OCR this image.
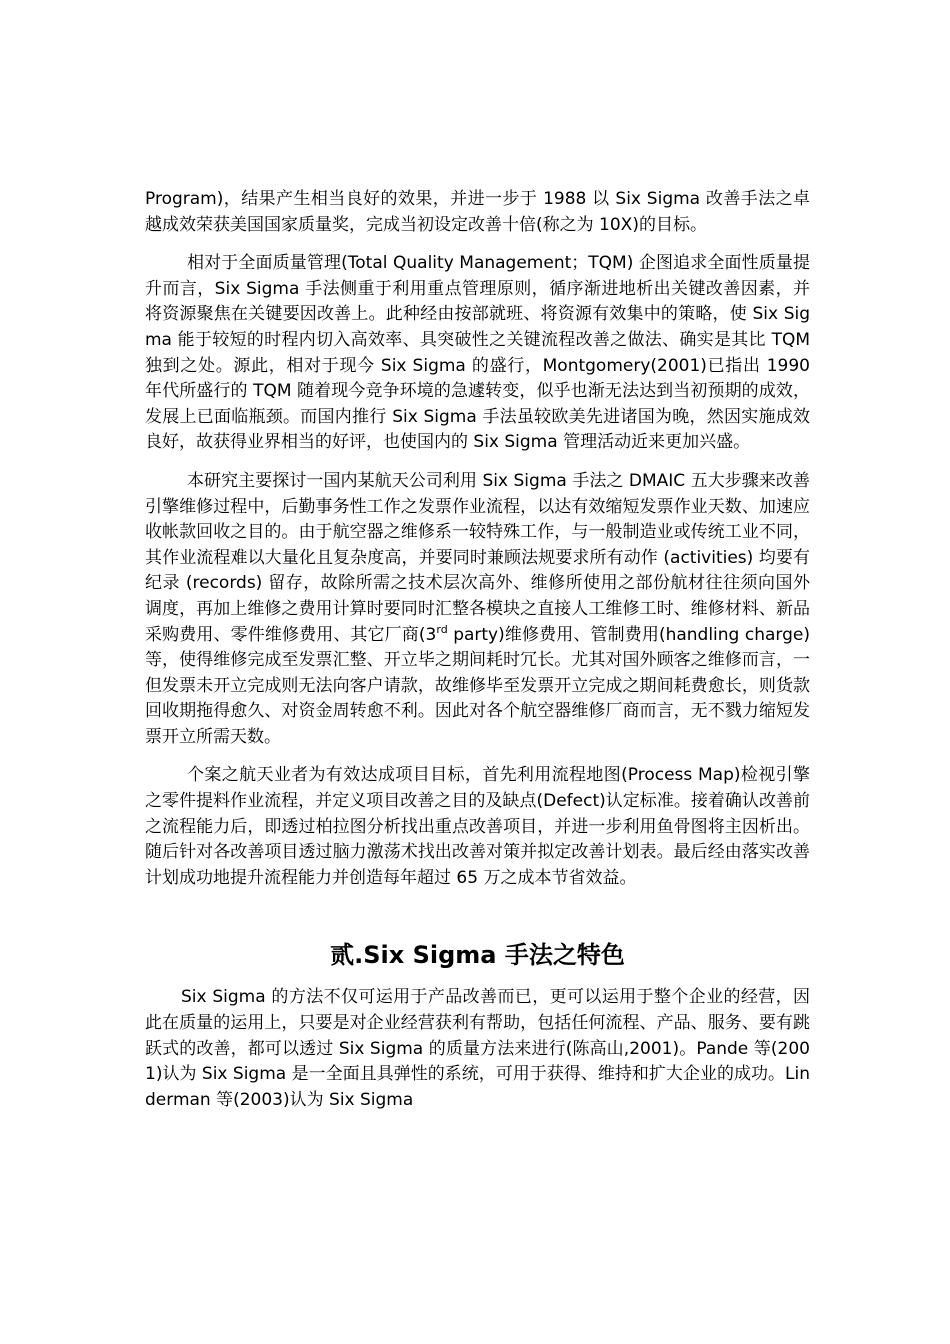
Program)，结果产生相当良好的效果，并进一步于 1988 以 Six Sigma 改善手法之卓越成效荣获美国国家质量奖，完成当初设定改善十倍(称之为 10X)的目标。

相对于全面质量管理(Total Quality Management；TQM) 企图追求全面性质量提升而言，Six Sigma 手法侧重于利用重点管理原则，循序渐进地析出关键改善因素，并将资源聚焦在关键要因改善上。此种经由按部就班、将资源有效集中的策略，使 Six Sigma 能于较短的时程内切入高效率、具突破性之关键流程改善之做法、确实是其比 TQM 独到之处。源此，相对于现今 Six Sigma 的盛行，Montgomery(2001)已指出 1990 年代所盛行的 TQM 随着现今竞争环境的急遽转变，似乎也渐无法达到当初预期的成效，发展上已面临瓶颈。而国内推行 Six Sigma 手法虽较欧美先进诸国为晚，然因实施成效良好，故获得业界相当的好评，也使国内的 Six Sigma 管理活动近来更加兴盛。

本研究主要探讨一国内某航天公司利用 Six Sigma 手法之 DMAIC 五大步骤来改善引擎维修过程中，后勤事务性工作之发票作业流程，以达有效缩短发票作业天数、加速应收帐款回收之目的。由于航空器之维修系一较特殊工作，与一般制造业或传统工业不同，其作业流程难以大量化且复杂度高，并要同时兼顾法规要求所有动作 (activities) 均要有纪录 (records) 留存，故除所需之技术层次高外、维修所使用之部份航材往往须向国外调度，再加上维修之费用计算时要同时汇整各模块之直接人工维修工时、维修材料、新品采购费用、零件维修费用、其它厂商(3rd party)维修费用、管制费用(handling charge)等，使得维修完成至发票汇整、开立毕之期间耗时冗长。尤其对国外顾客之维修而言，一但发票未开立完成则无法向客户请款，故维修毕至发票开立完成之期间耗费愈长，则货款回收期拖得愈久、对资金周转愈不利。因此对各个航空器维修厂商而言，无不戮力缩短发票开立所需天数。

个案之航天业者为有效达成项目目标，首先利用流程地图(Process Map)检视引擎之零件提料作业流程，并定义项目改善之目的及缺点(Defect)认定标准。接着确认改善前之流程能力后，即透过柏拉图分析找出重点改善项目，并进一步利用鱼骨图将主因析出。随后针对各改善项目透过脑力激荡术找出改善对策并拟定改善计划表。最后经由落实改善计划成功地提升流程能力并创造每年超过 65 万之成本节省效益。

贰.Six Sigma 手法之特色

Six Sigma 的方法不仅可运用于产品改善而已，更可以运用于整个企业的经营，因此在质量的运用上，只要是对企业经营获利有帮助，包括任何流程、产品、服务、要有跳跃式的改善，都可以透过 Six Sigma 的质量方法来进行(陈高山,2001)。Pande 等(2001)认为 Six Sigma 是一全面且具弹性的系统，可用于获得、维持和扩大企业的成功。Linderman 等(2003)认为 Six Sigma
